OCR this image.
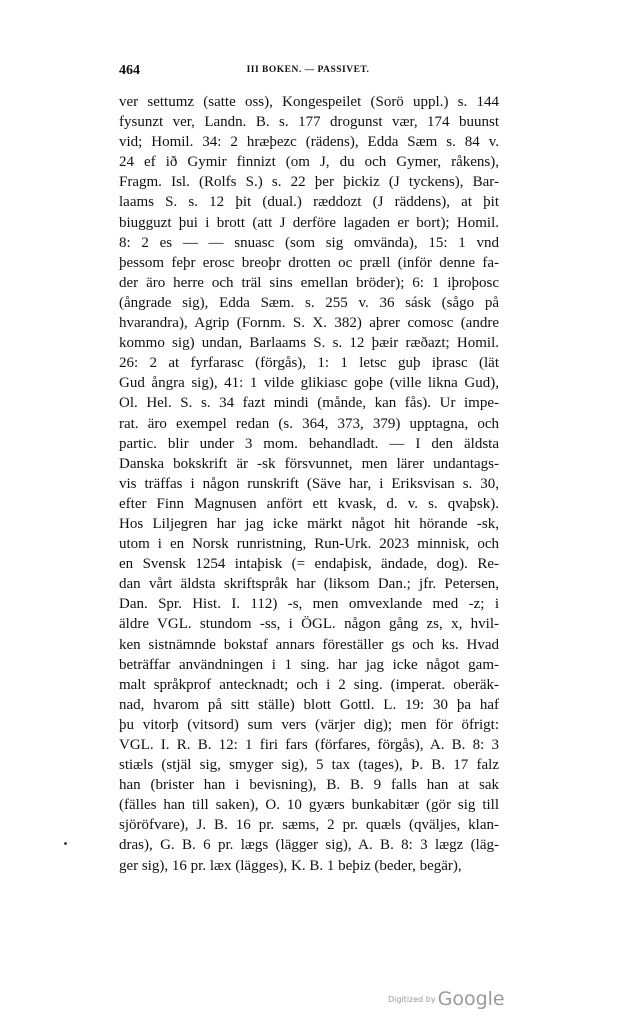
464	III BOKEN. — PASSIVET.
ver settumz (satte oss), Kongespeilet (Sorö uppl.) s. 144
fysunzt ver, Landn. B. s. 177 drogunst vær, 174 buunst
vid; Homil. 34: 2 hræþezc (rädens), Edda Sæm s. 84 v.
24 ef ið Gymir finnizt (om J, du och Gymer, råkens),
Fragm. Isl. (Rolfs S.) s. 22 þer þickiz (J tyckens), Bar-
laams S. s. 12 þit (dual.) ræddozt (J räddens), at þit
biugguzt þui i brott (att J derföre lagaden er bort); Homil.
8: 2 es — — snuasc (som sig omvända), 15: 1 vnd
þessom feþr erosc breoþr drotten oc præll (inför denne fa-
der äro herre och träl sins emellan bröder); 6: 1 iþroþosc
(ångrade sig), Edda Sæm. s. 255 v. 36 sásk (sågo på
hvarandra), Agrip (Fornm. S. X. 382) aþrer comosc (andre
kommo sig) undan, Barlaams S. s. 12 þæir ræðazt; Homil.
26: 2 at fyrfarasc (förgås), 1: 1 letsc guþ iþrasc (lät
Gud ångra sig), 41: 1 vilde glikiasc goþe (ville likna Gud),
Ol. Hel. S. s. 34 fazt mindi (månde, kan fås). Ur impe-
rat. äro exempel redan (s. 364, 373, 379) upptagna, och
partic. blir under 3 mom. behandladt. — I den äldsta
Danska bokskrift är -sk försvunnet, men lärer undantags-
vis träffas i någon runskrift (Säve har, i Eriksvisan s. 30,
efter Finn Magnusen anfört ett kvask, d. v. s. qvaþsk).
Hos Liljegren har jag icke märkt något hit hörande -sk,
utom i en Norsk runristning, Run-Urk. 2023 minnisk, och
en Svensk 1254 intaþisk (= endaþisk, ändade, dog). Re-
dan vårt äldsta skriftspråk har (liksom Dan.; jfr. Petersen,
Dan. Spr. Hist. I. 112) -s, men omvexlande med -z; i
äldre VGL. stundom -ss, i ÖGL. någon gång zs, x, hvil-
ken sistnämnde bokstaf annars föreställer gs och ks. Hvad
beträffar användningen i 1 sing. har jag icke något gam-
malt språkprof antecknadt; och i 2 sing. (imperat. oberäk-
nad, hvarom på sitt ställe) blott Gottl. L. 19: 30 þa haf
þu vitorþ (vitsord) sum vers (värjer dig); men för öfrigt:
VGL. I. R. B. 12: 1 firi fars (förfares, förgås), A. B. 8: 3
stiæls (stjäl sig, smyger sig), 5 tax (tages), Þ. B. 17 falz
han (brister han i bevisning), B. B. 9 falls han at sak
(fälles han till saken), O. 10 gyærs bunkabitær (gör sig till
sjöröfvare), J. B. 16 pr. sæms, 2 pr. quæls (qväljes, klan-
dras), G. B. 6 pr. lægs (lägger sig), A. B. 8: 3 lægz (läg-
ger sig), 16 pr. læx (lägges), K. B. 1 beþiz (beder, begär),
Digitized by Google
